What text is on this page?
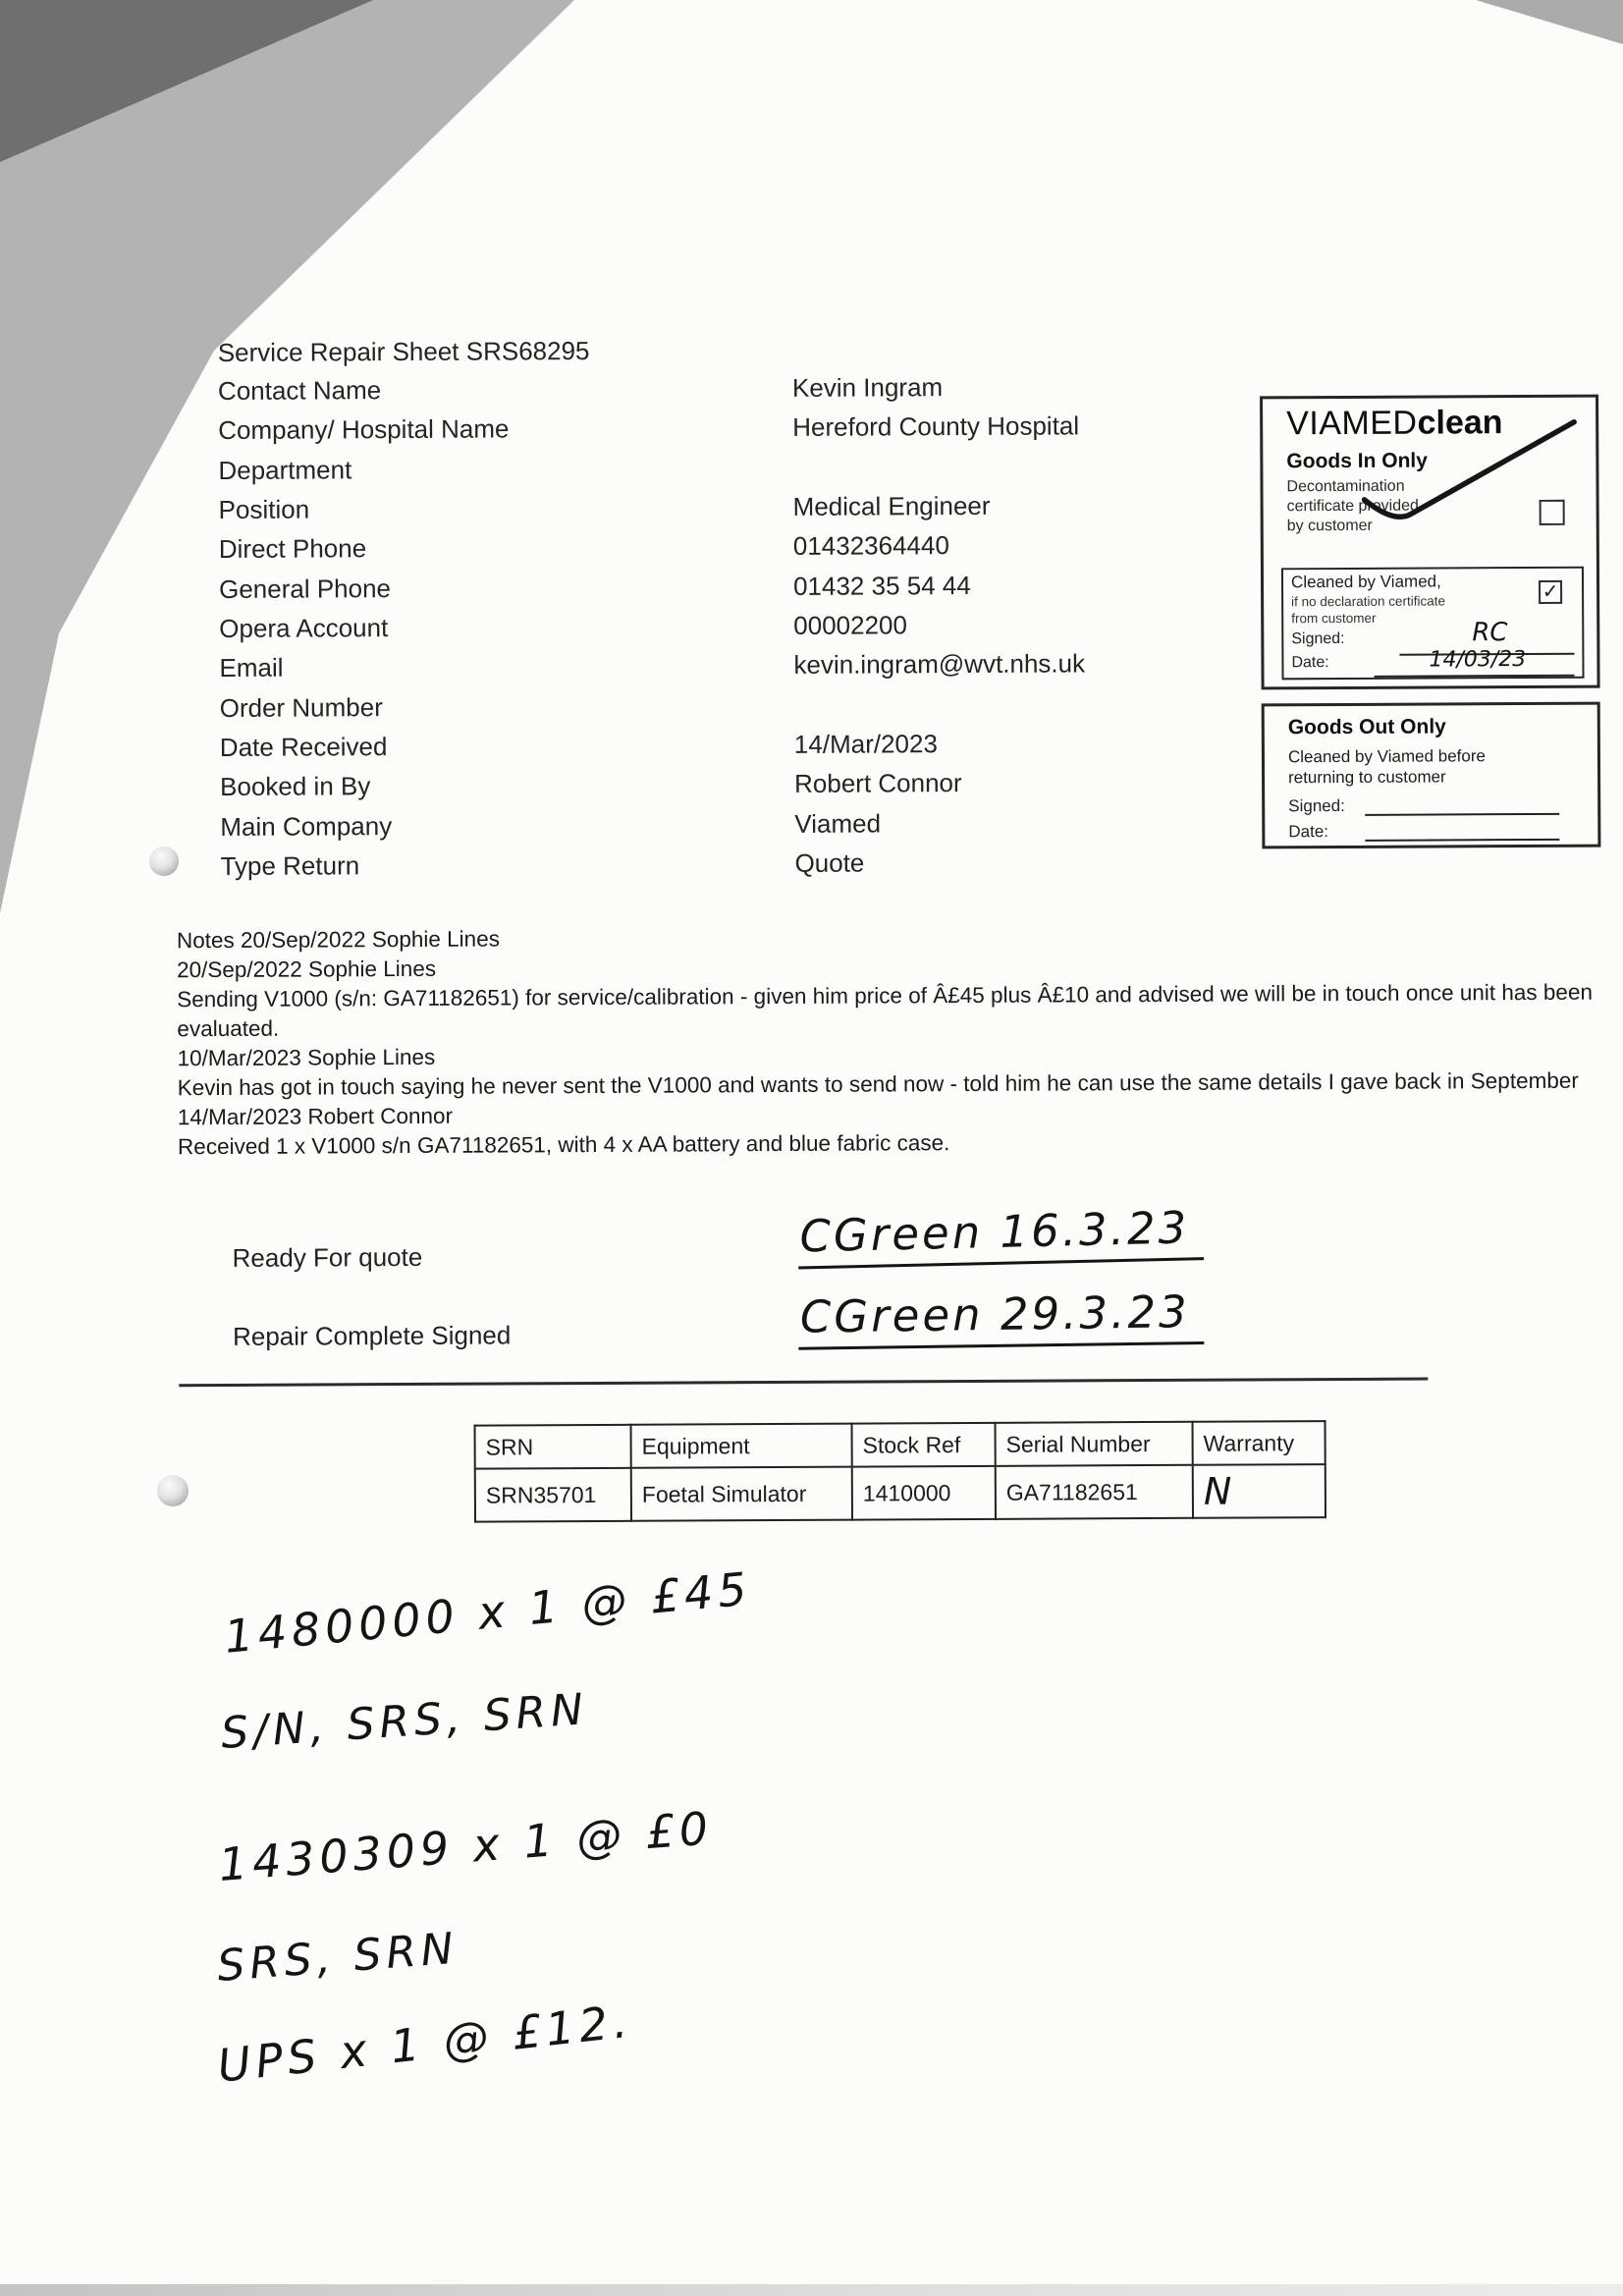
Service Repair Sheet SRS68295
Contact Name	Kevin Ingram
Company/ Hospital Name	Hereford County Hospital
Department
Position	Medical Engineer
Direct Phone	01432364440
General Phone	01432 35 54 44
Opera Account	00002200
Email	kevin.ingram@wvt.nhs.uk
Order Number
Date Received	14/Mar/2023
Booked in By	Robert Connor
Main Company	Viamed
Type Return	Quote
VIAMEDclean
Goods In Only
Decontamination
certificate provided
by customer
Cleaned by Viamed,
if no declaration certificate
from customer
✓
Signed:	RC
Date:	14/03/23
Goods Out Only
Cleaned by Viamed before
returning to customer
Signed:
Date:
Notes 20/Sep/2022 Sophie Lines
20/Sep/2022 Sophie Lines
Sending V1000 (s/n: GA71182651) for service/calibration - given him price of Â£45 plus Â£10 and advised we will be in touch once unit has been evaluated.
10/Mar/2023 Sophie Lines
Kevin has got in touch saying he never sent the V1000 and wants to send now - told him he can use the same details I gave back in September
14/Mar/2023 Robert Connor
Received 1 x V1000 s/n GA71182651, with 4 x AA battery and blue fabric case.
Ready For quote	CGreen 16.3.23
Repair Complete Signed	CGreen 29.3.23
SRN	Equipment	Stock Ref	Serial Number	Warranty
SRN35701	Foetal Simulator	1410000	GA71182651	N
1480000 x 1 @ £45
S/N, SRS, SRN
1430309 x 1 @ £0
SRS, SRN
UPS x 1 @ £12.
